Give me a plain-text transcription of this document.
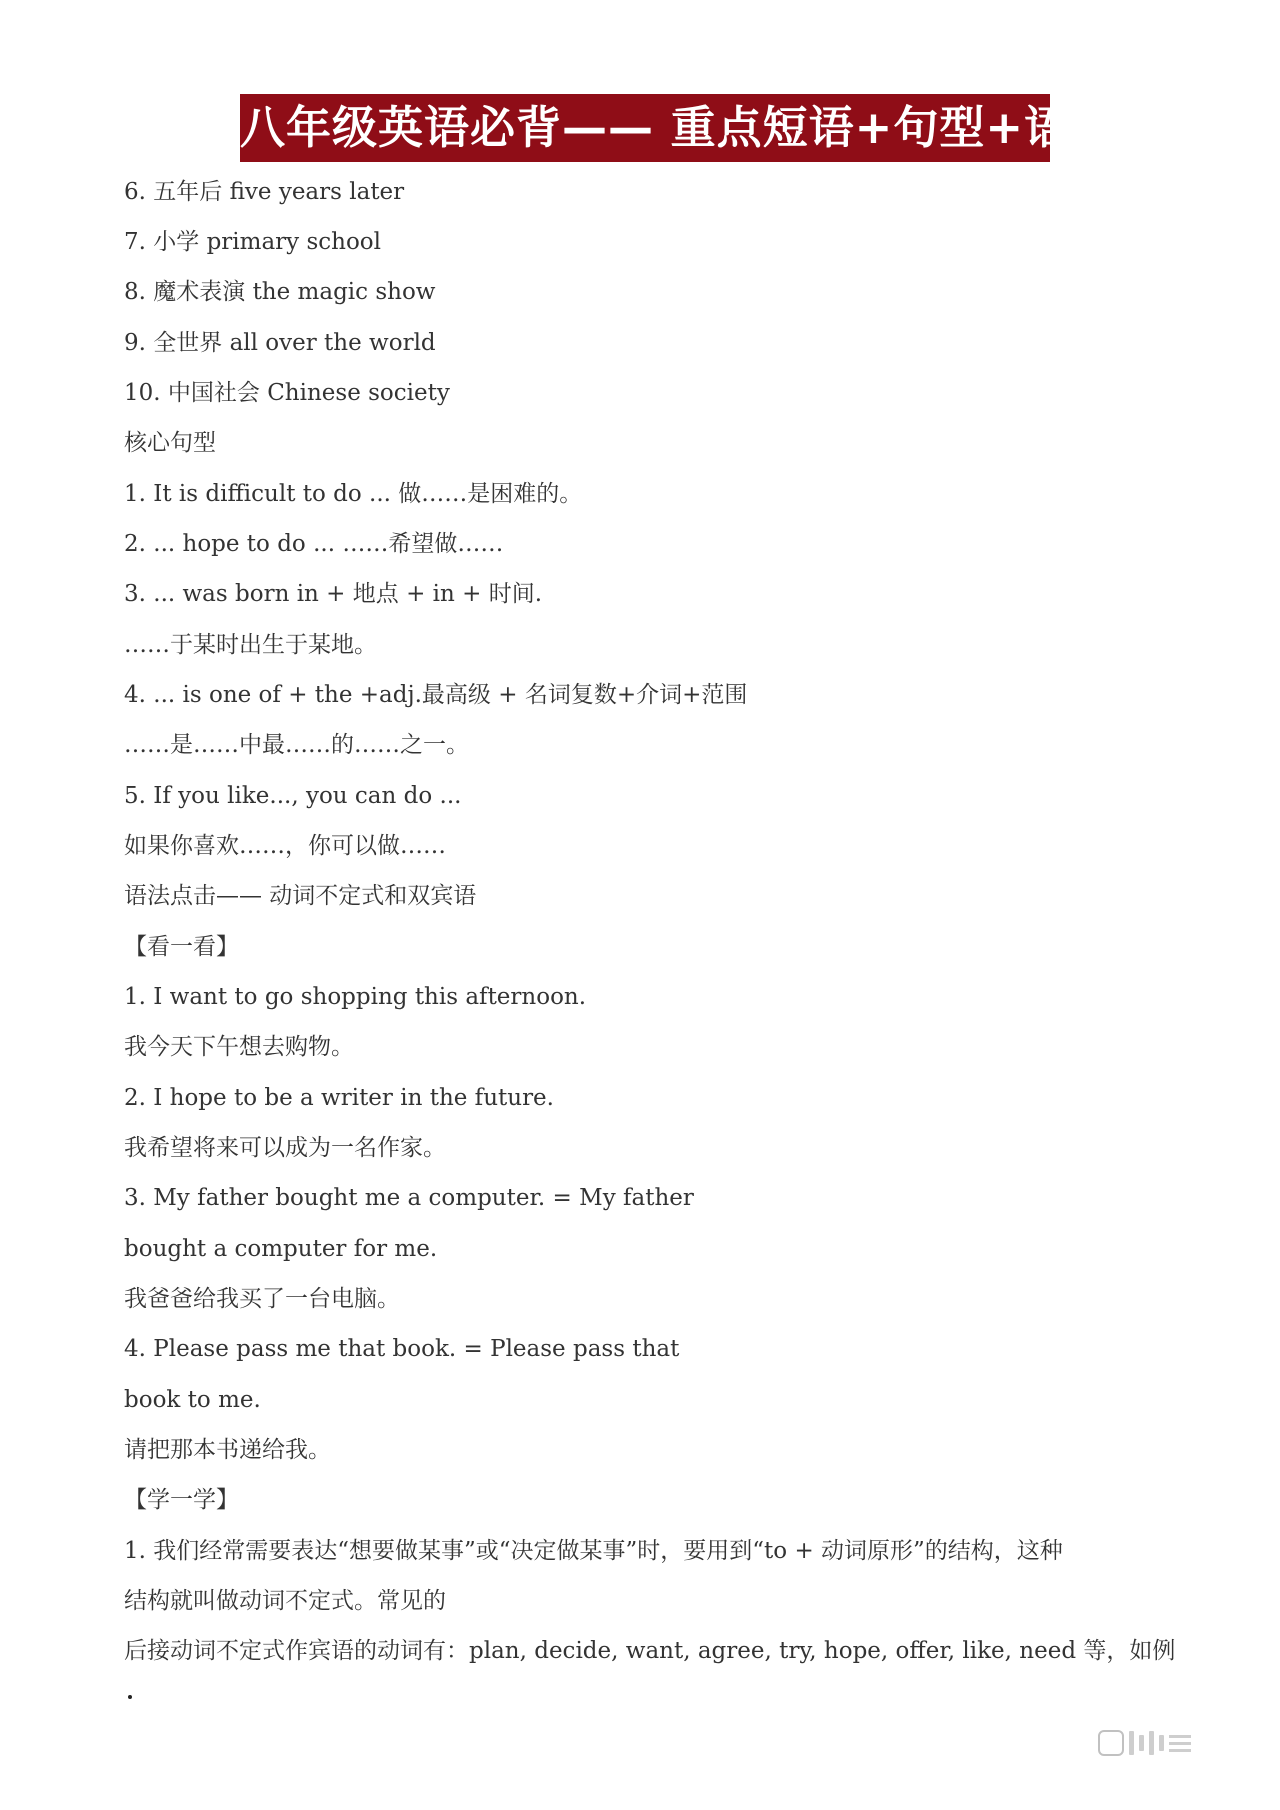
八年级英语必背—— 重点短语+句型+语法
6. 五年后 five years later
7. 小学 primary school
8. 魔术表演 the magic show
9. 全世界 all over the world
10. 中国社会 Chinese society
核心句型
1. It is difficult to do ... 做……是困难的。
2. ... hope to do ... ……希望做……
3. ... was born in + 地点 + in + 时间.
……于某时出生于某地。
4. ... is one of + the +adj.最高级 + 名词复数+介词+范围
……是……中最……的……之一。
5. If you like..., you can do ...
如果你喜欢……，你可以做……
语法点击—— 动词不定式和双宾语
【看一看】
1. I want to go shopping this afternoon.
我今天下午想去购物。
2. I hope to be a writer in the future.
我希望将来可以成为一名作家。
3. My father bought me a computer. = My father
bought a computer for me.
我爸爸给我买了一台电脑。
4. Please pass me that book. = Please pass that
book to me.
请把那本书递给我。
【学一学】
1. 我们经常需要表达“想要做某事”或“决定做某事”时，要用到“to + 动词原形”的结构，这种
结构就叫做动词不定式。常见的
后接动词不定式作宾语的动词有：plan, decide, want, agree, try, hope, offer, like, need 等，如例
